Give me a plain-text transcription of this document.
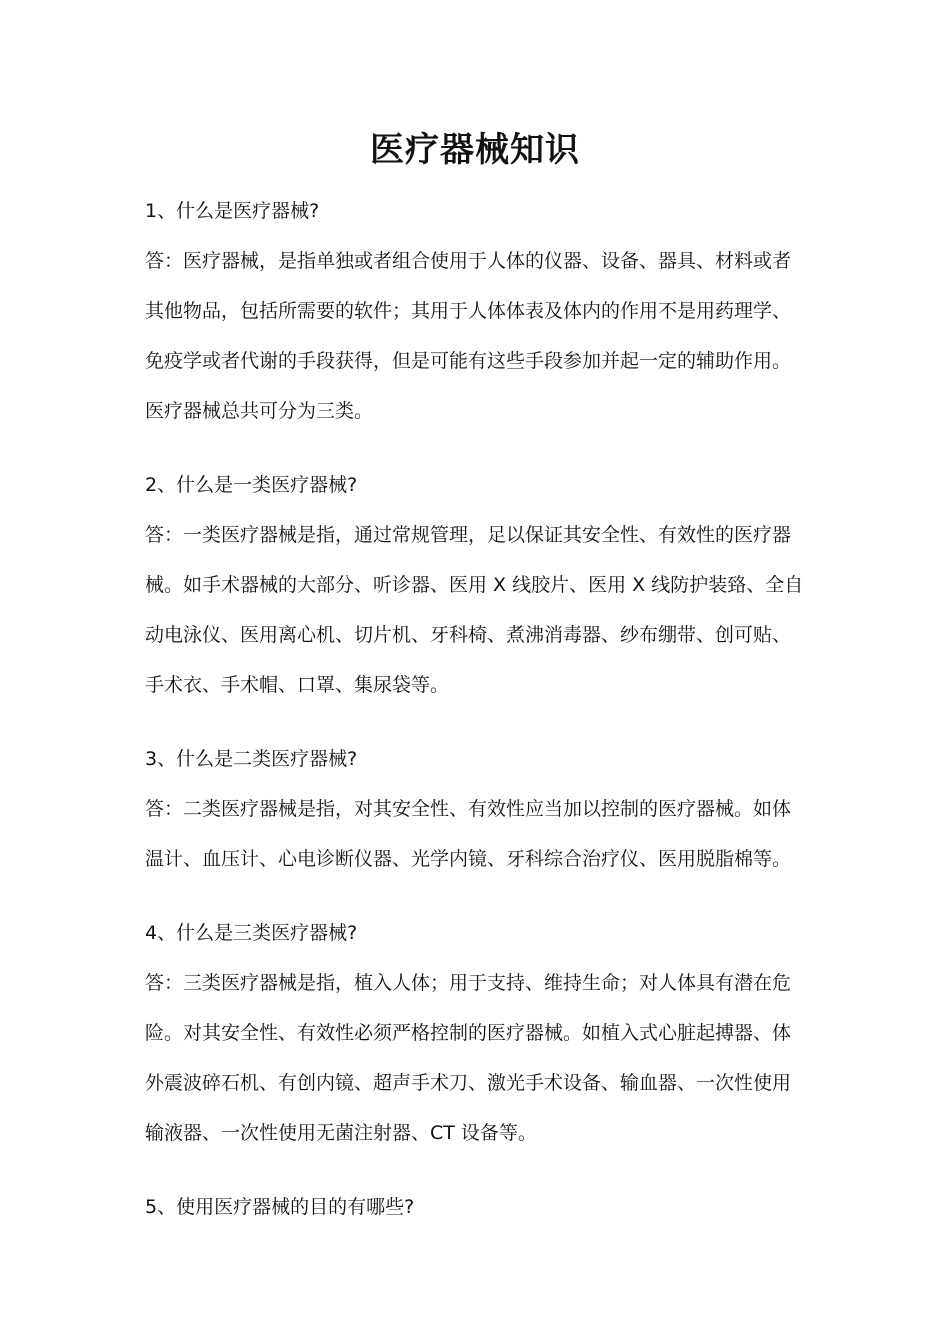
医疗器械知识
1、什么是医疗器械?
答：医疗器械，是指单独或者组合使用于人体的仪器、设备、器具、材料或者
其他物品，包括所需要的软件；其用于人体体表及体内的作用不是用药理学、
免疫学或者代谢的手段获得，但是可能有这些手段参加并起一定的辅助作用。
医疗器械总共可分为三类。
2、什么是一类医疗器械?
答：一类医疗器械是指，通过常规管理，足以保证其安全性、有效性的医疗器
械。如手术器械的大部分、听诊器、医用 X 线胶片、医用 X 线防护装臵、全自
动电泳仪、医用离心机、切片机、牙科椅、煮沸消毒器、纱布绷带、创可贴、
手术衣、手术帽、口罩、集尿袋等。
3、什么是二类医疗器械?
答：二类医疗器械是指，对其安全性、有效性应当加以控制的医疗器械。如体
温计、血压计、心电诊断仪器、光学内镜、牙科综合治疗仪、医用脱脂棉等。
4、什么是三类医疗器械?
答：三类医疗器械是指，植入人体；用于支持、维持生命；对人体具有潜在危
险。对其安全性、有效性必须严格控制的医疗器械。如植入式心脏起搏器、体
外震波碎石机、有创内镜、超声手术刀、激光手术设备、输血器、一次性使用
输液器、一次性使用无菌注射器、CT 设备等。
5、使用医疗器械的目的有哪些?
